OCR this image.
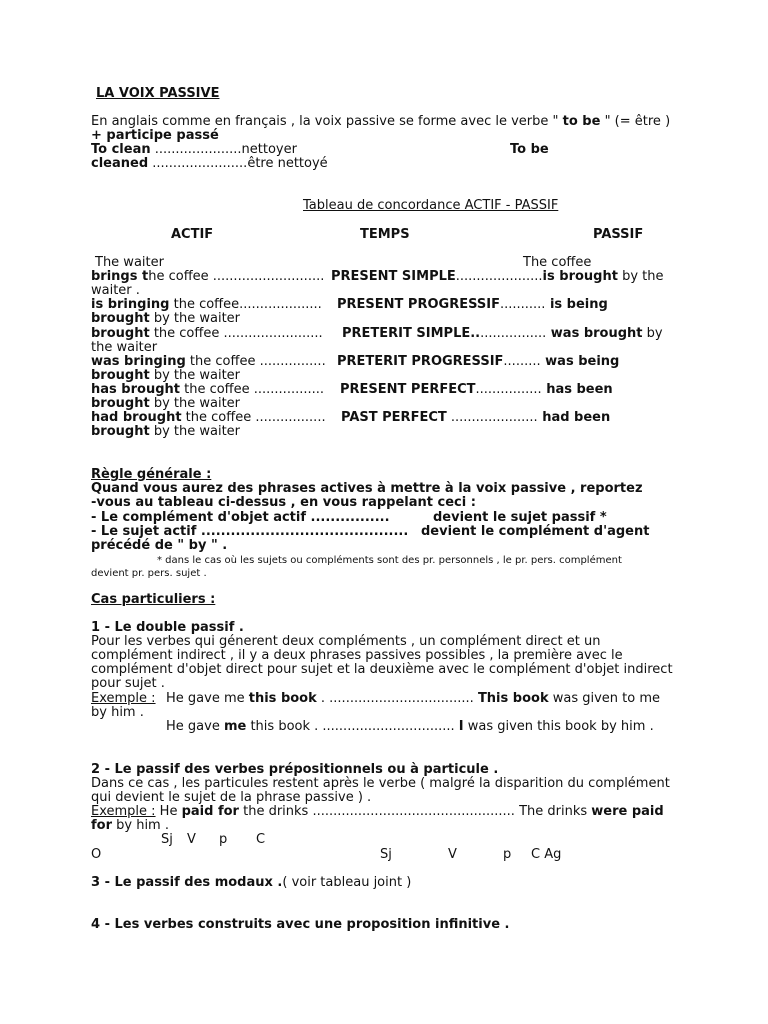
LA VOIX PASSIVE
En anglais comme en français , la voix passive se forme avec le verbe " to be " (= être )
+ participe passé
To clean .....................nettoyer	To be
cleaned .......................être nettoyé
Tableau de concordance ACTIF - PASSIF
ACTIF	TEMPS	PASSIF
The waiter	The coffee
brings the coffee ........................... PRESENT SIMPLE.....................is brought by the
waiter .
is bringing the coffee.................... PRESENT PROGRESSIF........... is being
brought by the waiter
brought the coffee ........................ PRETERIT SIMPLE.................. was brought by
the waiter
was bringing the coffee ................ PRETERIT PROGRESSIF......... was being
brought by the waiter
has brought the coffee ................. PRESENT PERFECT................ has been
brought by the waiter
had brought the coffee ................. PAST PERFECT ..................... had been
brought by the waiter
Règle générale :
Quand vous aurez des phrases actives à mettre à la voix passive , reportez
-vous au tableau ci-dessus , en vous rappelant ceci :
- Le complément d'objet actif ................	devient le sujet passif *
- Le sujet actif .......................................... devient le complément d'agent
précédé de " by " .
* dans le cas où les sujets ou compléments sont des pr. personnels , le pr. pers. complément
devient pr. pers. sujet .
Cas particuliers :
1 - Le double passif .
Pour les verbes qui génerent deux compléments , un complément direct et un
complément indirect , il y a deux phrases passives possibles , la première avec le
complément d'objet direct pour sujet et la deuxième avec le complément d'objet indirect
pour sujet .
Exemple : He gave me this book . ................................... This book was given to me
by him .
He gave me this book . ................................ I was given this book by him .
2 - Le passif des verbes prépositionnels ou à particule .
Dans ce cas , les particules restent après le verbe ( malgré la disparition du complément
qui devient le sujet de la phrase passive ) .
Exemple : He paid for the drinks ................................................. The drinks were paid
for by him .
Sj V p C
O	Sj	V	p C Ag
3 - Le passif des modaux .( voir tableau joint )
4 - Les verbes construits avec une proposition infinitive .
